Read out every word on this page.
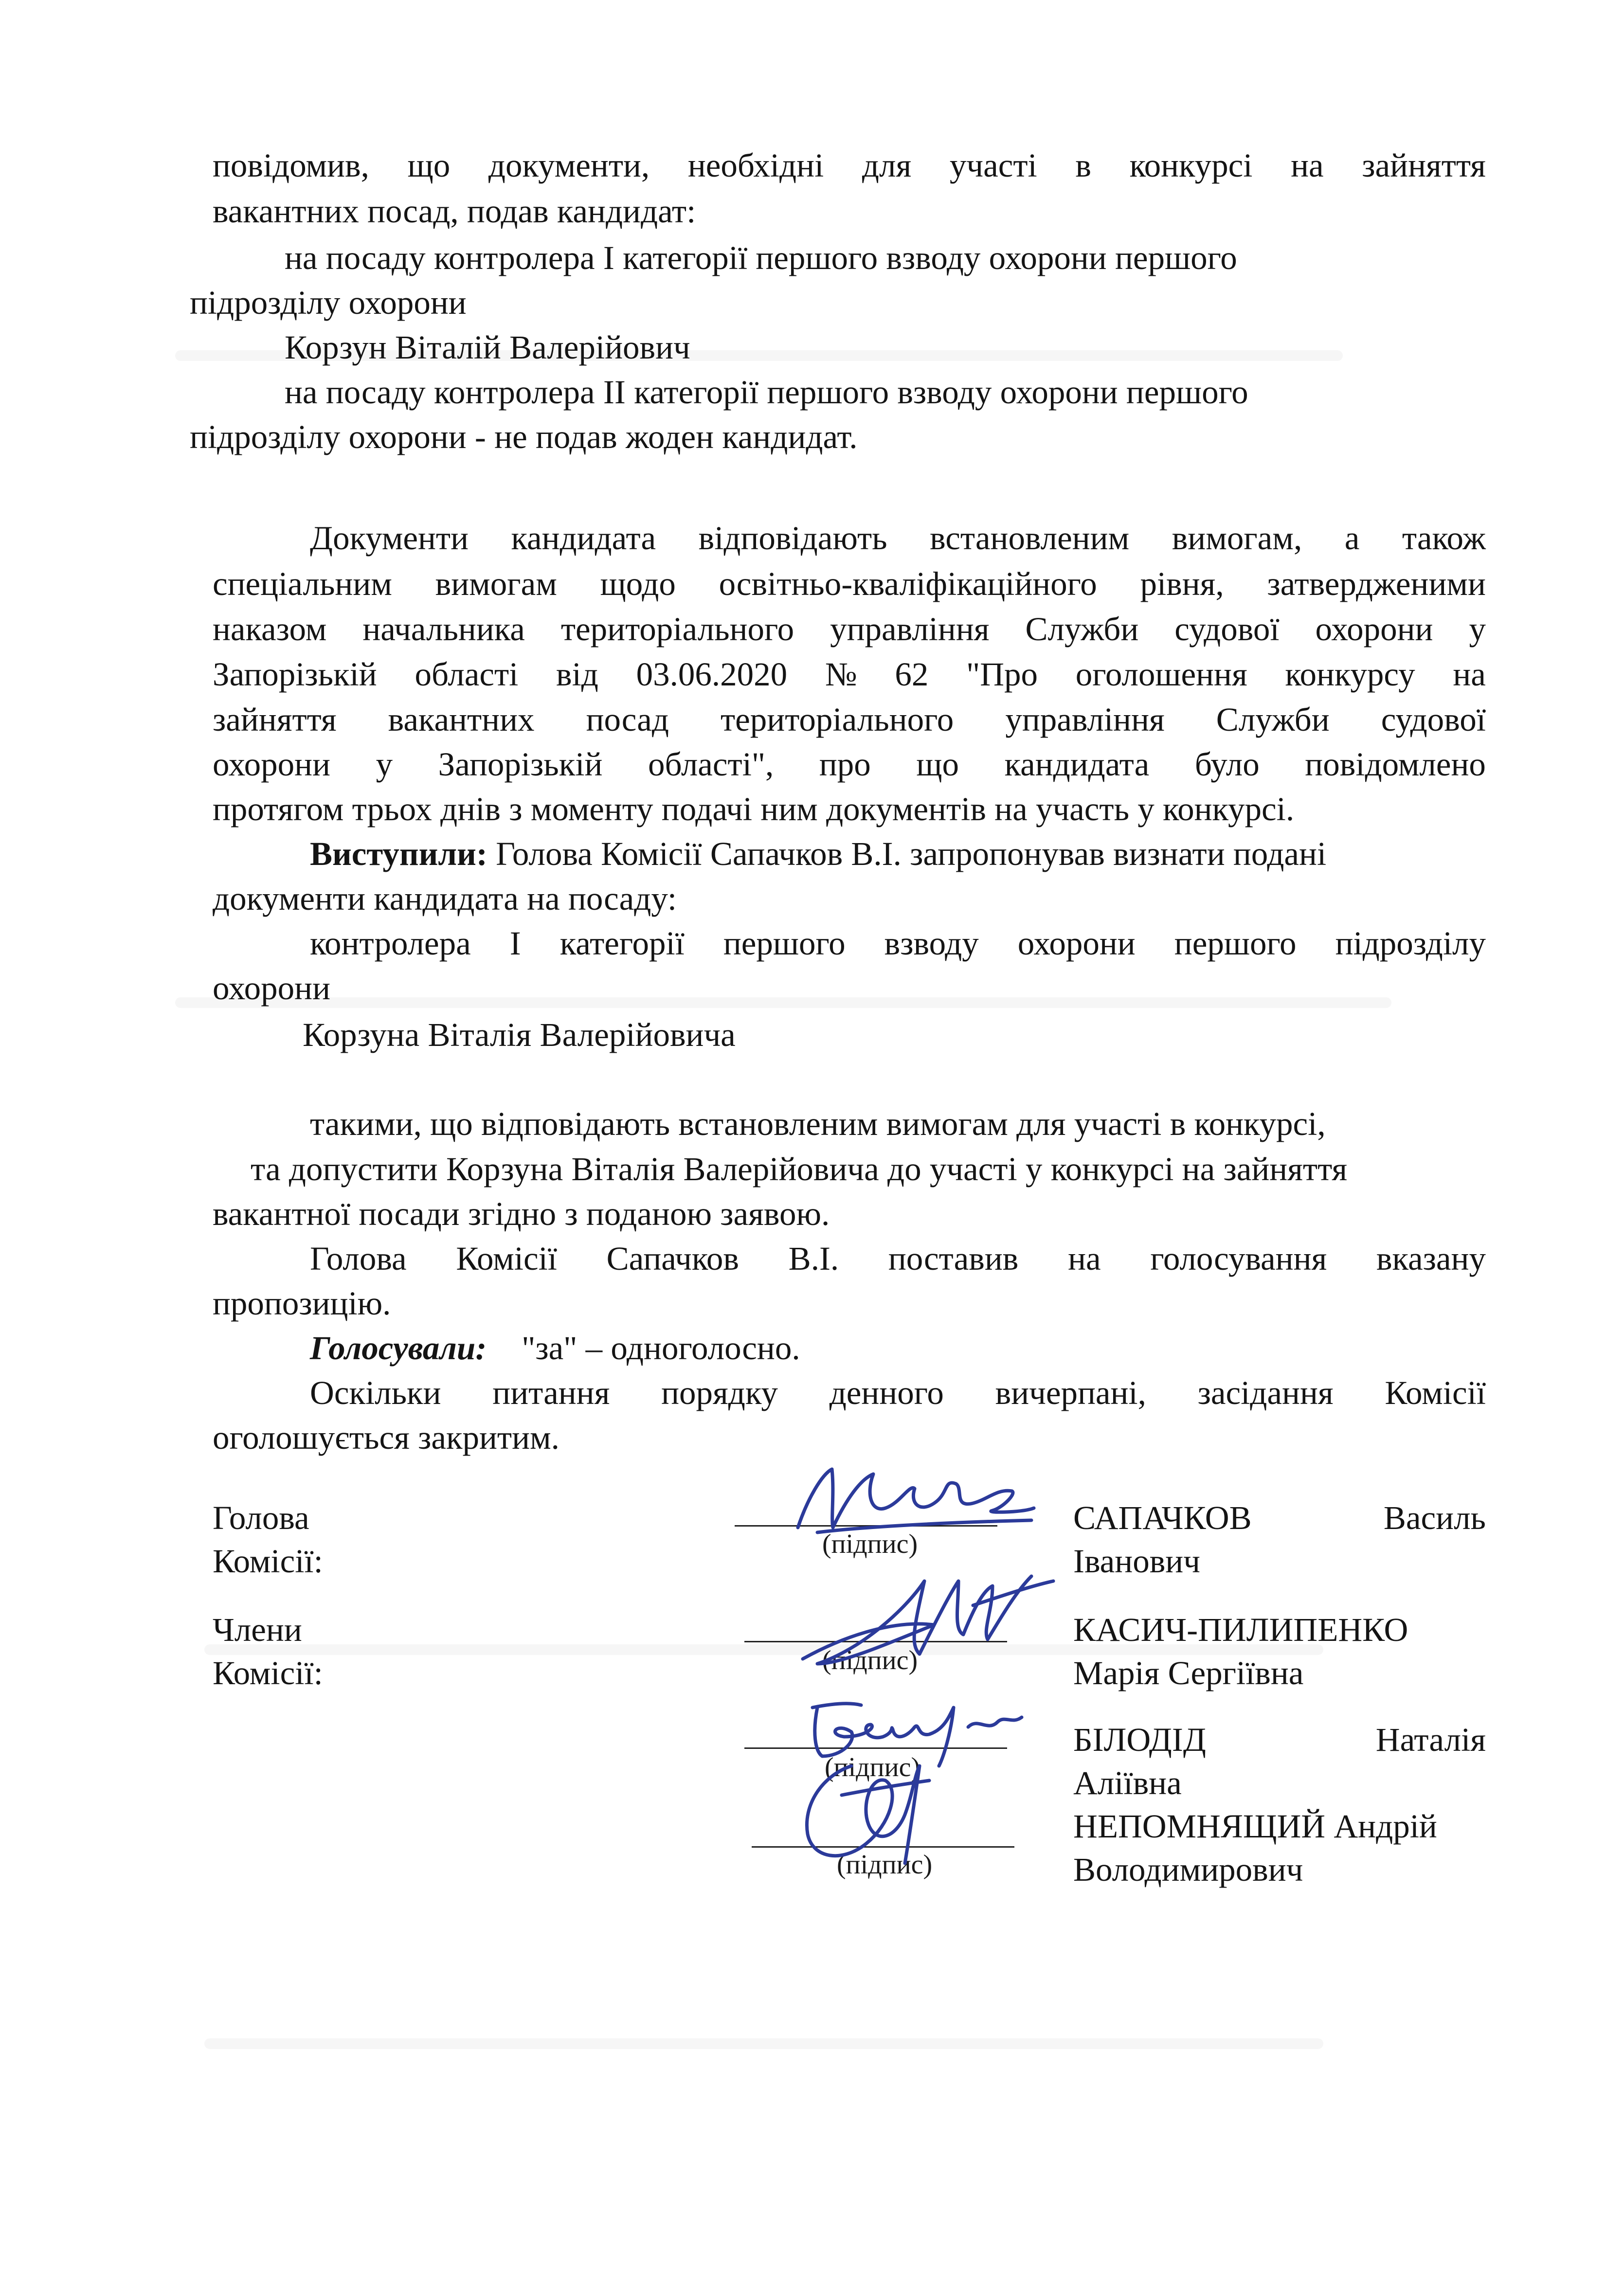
повідомив, що документи, необхідні для участі в конкурсі на зайняття
вакантних посад, подав кандидат:
на посаду контролера І категорії першого взводу охорони першого
підрозділу охорони
Корзун Віталій Валерійович
на посаду контролера ІІ категорії першого взводу охорони першого
підрозділу охорони - не подав жоден кандидат.
Документи кандидата відповідають встановленим вимогам, а також
спеціальним вимогам щодо освітньо-кваліфікаційного рівня, затвердженими
наказом начальника територіального управління Служби судової охорони у
Запорізькій області від 03.06.2020 № 62 "Про оголошення конкурсу на
зайняття вакантних посад територіального управління Служби судової
охорони у Запорізькій області", про що кандидата було повідомлено
протягом трьох днів з моменту подачі ним документів на участь у конкурсі.
Виступили: Голова Комісії Сапачков В.І. запропонував визнати подані
документи кандидата на посаду:
контролера І категорії першого взводу охорони першого підрозділу
охорони
Корзуна Віталія Валерійовича
такими, що відповідають встановленим вимогам для участі в конкурсі,
та допустити Корзуна Віталія Валерійовича до участі у конкурсі на зайняття
вакантної посади згідно з поданою заявою.
Голова Комісії Сапачков В.І. поставив на голосування вказану
пропозицію.
Голосували: "за" – одноголосно.
Оскільки питання порядку денного вичерпані, засідання Комісії
оголошується закритим.
Голова
Комісії:
Члени
Комісії:
(підпис)
(підпис)
(підпис)
(підпис)
САПАЧКОВ	Василь
Іванович
КАСИЧ-ПИЛИПЕНКО
Марія Сергіївна
БІЛОДІД	Наталія
Аліївна
НЕПОМНЯЩИЙ Андрій
Володимирович
